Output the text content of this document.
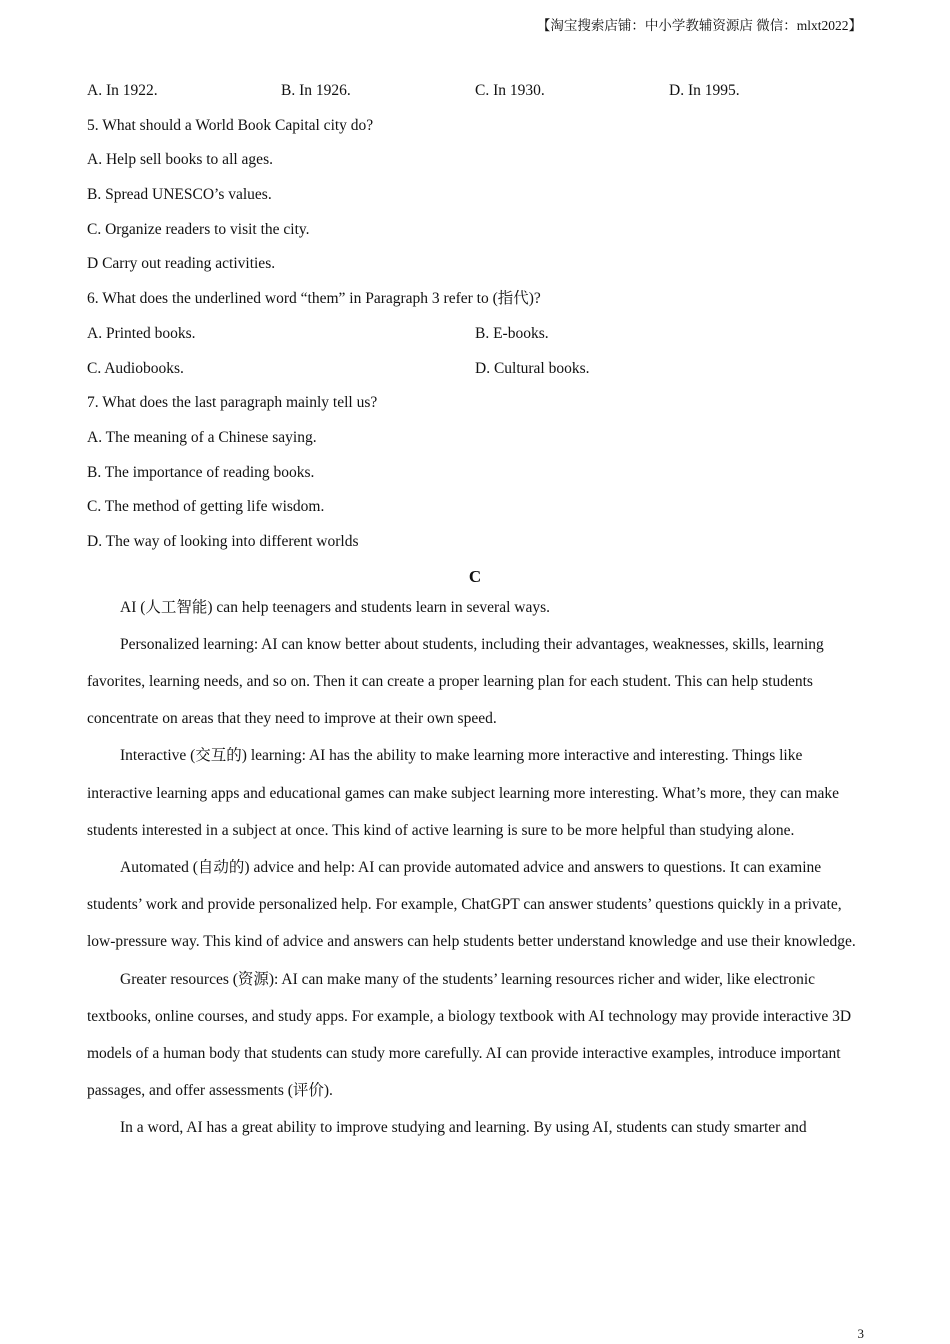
【淘宝搜索店铺：中小学教辅资源店 微信：mlxt2022】
A. In 1922.	B. In 1926.	C. In 1930.	D. In 1995.
5. What should a World Book Capital city do?
A. Help sell books to all ages.
B. Spread UNESCO’s values.
C. Organize readers to visit the city.
D Carry out reading activities.
6. What does the underlined word “them” in Paragraph 3 refer to (指代)?
A. Printed books.	B. E-books.
C. Audiobooks.	D. Cultural books.
7. What does the last paragraph mainly tell us?
A. The meaning of a Chinese saying.
B. The importance of reading books.
C. The method of getting life wisdom.
D. The way of looking into different worlds
C

AI (人工智能) can help teenagers and students learn in several ways.

Personalized learning: AI can know better about students, including their advantages, weaknesses, skills, learning favorites, learning needs, and so on. Then it can create a proper learning plan for each student. This can help students concentrate on areas that they need to improve at their own speed.

Interactive (交互的) learning: AI has the ability to make learning more interactive and interesting. Things like interactive learning apps and educational games can make subject learning more interesting. What’s more, they can make students interested in a subject at once. This kind of active learning is sure to be more helpful than studying alone.

Automated (自动的) advice and help: AI can provide automated advice and answers to questions. It can examine students’ work and provide personalized help. For example, ChatGPT can answer students’ questions quickly in a private, low-pressure way. This kind of advice and answers can help students better understand knowledge and use their knowledge.

Greater resources (资源): AI can make many of the students’ learning resources richer and wider, like electronic textbooks, online courses, and study apps. For example, a biology textbook with AI technology may provide interactive 3D models of a human body that students can study more carefully. AI can provide interactive examples, introduce important passages, and offer assessments (评价).

In a word, AI has a great ability to improve studying and learning. By using AI, students can study smarter and

3
